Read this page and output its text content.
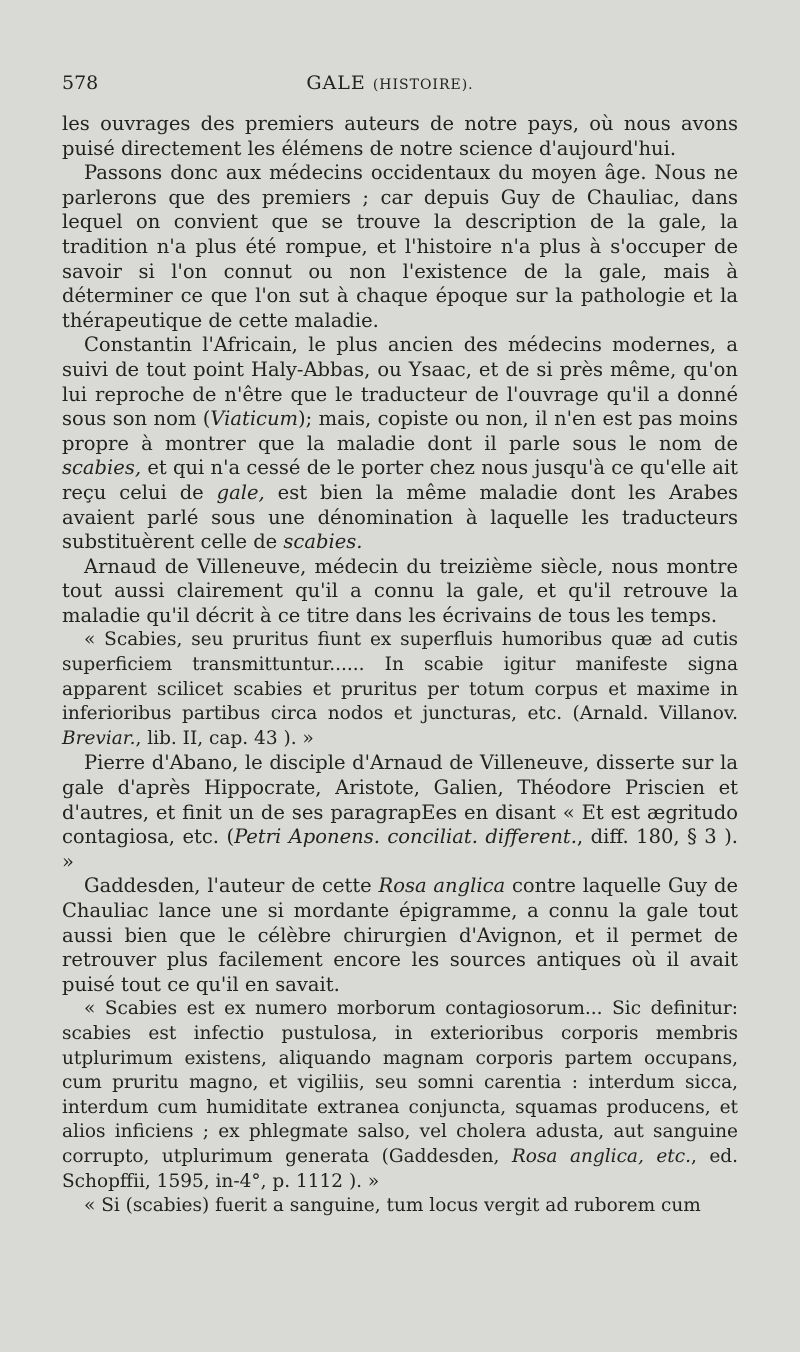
578	GALE (HISTOIRE).

les ouvrages des premiers auteurs de notre pays, où nous avons puisé directement les élémens de notre science d'aujourd'hui.

Passons donc aux médecins occidentaux du moyen âge. Nous ne parlerons que des premiers ; car depuis Guy de Chauliac, dans lequel on convient que se trouve la description de la gale, la tradition n'a plus été rompue, et l'histoire n'a plus à s'occuper de savoir si l'on connut ou non l'existence de la gale, mais à déterminer ce que l'on sut à chaque époque sur la pathologie et la thérapeutique de cette maladie.

Constantin l'Africain, le plus ancien des médecins modernes, a suivi de tout point Haly-Abbas, ou Ysaac, et de si près même, qu'on lui reproche de n'être que le traducteur de l'ouvrage qu'il a donné sous son nom (Viaticum); mais, copiste ou non, il n'en est pas moins propre à montrer que la maladie dont il parle sous le nom de scabies, et qui n'a cessé de le porter chez nous jusqu'à ce qu'elle ait reçu celui de gale, est bien la même maladie dont les Arabes avaient parlé sous une dénomination à laquelle les traducteurs substituèrent celle de scabies.

Arnaud de Villeneuve, médecin du treizième siècle, nous montre tout aussi clairement qu'il a connu la gale, et qu'il retrouve la maladie qu'il décrit à ce titre dans les écrivains de tous les temps.

« Scabies, seu pruritus fiunt ex superfluis humoribus quæ ad cutis superficiem transmittuntur...... In scabie igitur manifeste signa apparent scilicet scabies et pruritus per totum corpus et maxime in inferioribus partibus circa nodos et juncturas, etc. (Arnald. Villanov. Breviar., lib. II, cap. 43 ). »

Pierre d'Abano, le disciple d'Arnaud de Villeneuve, disserte sur la gale d'après Hippocrate, Aristote, Galien, Théodore Priscien et d'autres, et finit un de ses paragrapEes en disant « Et est ægritudo contagiosa, etc. (Petri Aponens. conciliat. different., diff. 180, § 3 ). »

Gaddesden, l'auteur de cette Rosa anglica contre laquelle Guy de Chauliac lance une si mordante épigramme, a connu la gale tout aussi bien que le célèbre chirurgien d'Avignon, et il permet de retrouver plus facilement encore les sources antiques où il avait puisé tout ce qu'il en savait.

« Scabies est ex numero morborum contagiosorum... Sic definitur: scabies est infectio pustulosa, in exterioribus corporis membris utplurimum existens, aliquando magnam corporis partem occupans, cum pruritu magno, et vigiliis, seu somni carentia : interdum sicca, interdum cum humiditate extranea conjuncta, squamas producens, et alios inficiens ; ex phlegmate salso, vel cholera adusta, aut sanguine corrupto, utplurimum generata (Gaddesden, Rosa anglica, etc., ed. Schopffii, 1595, in-4°, p. 1112 ). »

« Si (scabies) fuerit a sanguine, tum locus vergit ad ruborem cum
